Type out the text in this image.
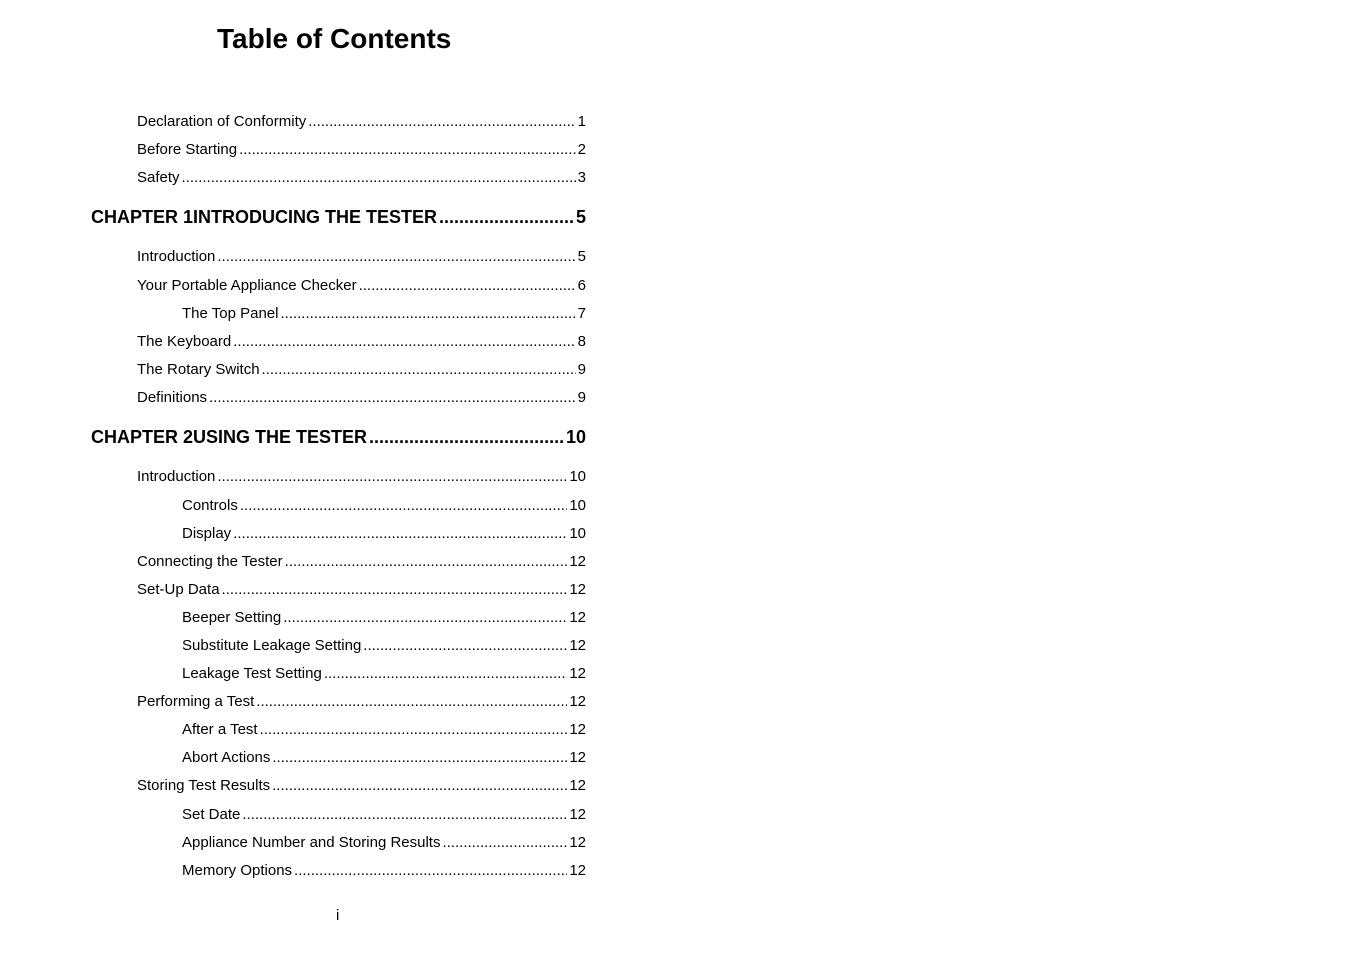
Table of Contents
Declaration of Conformity .....	1
Before Starting .....	2
Safety .....	3
CHAPTER 1 INTRODUCING THE TESTER .....	5
Introduction .....	5
Your Portable Appliance Checker .....	6
The Top Panel .....	7
The Keyboard .....	8
The Rotary Switch .....	9
Definitions .....	9
CHAPTER 2 USING THE TESTER .....	10
Introduction .....	10
Controls .....	10
Display .....	10
Connecting the Tester .....	12
Set-Up Data .....	12
Beeper Setting .....	12
Substitute Leakage Setting .....	12
Leakage Test Setting .....	12
Performing a Test .....	12
After a Test .....	12
Abort Actions .....	12
Storing Test Results .....	12
Set Date .....	12
Appliance Number and Storing Results .....	12
Memory Options .....	12
i
